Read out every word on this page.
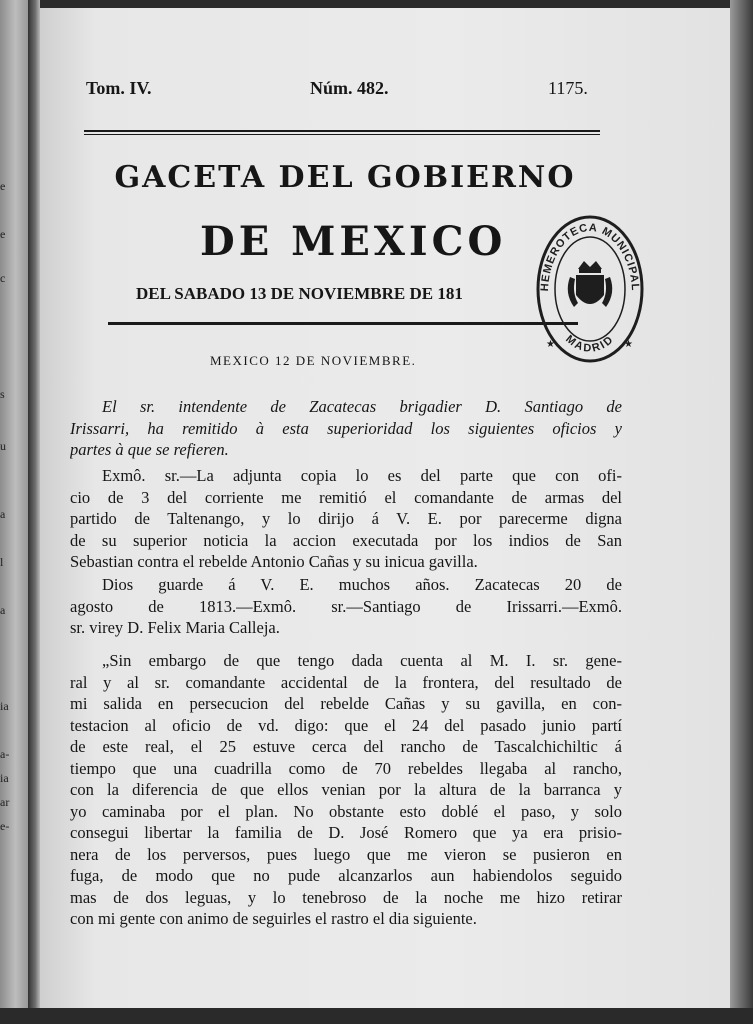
e
e
c
s
u
a
l
a
ia
a-
ia
ar
e-
Tom. IV.	Núm. 482.	1175.
GACETA DEL GOBIERNO
DE MEXICO
DEL SABADO 13 DE NOVIEMBRE DE 181	HEMEROTECA MUNICIPAL
MADRID
★	★
MEXICO 12 DE NOVIEMBRE.
El sr. intendente de Zacatecas brigadier D. Santiago de
Irissarri, ha remitido à esta superioridad los siguientes oficios y
partes à que se refieren.
Exmô. sr.—La adjunta copia lo es del parte que con ofi-
cio de 3 del corriente me remitió el comandante de armas del
partido de Taltenango, y lo dirijo á V. E. por parecerme digna
de su superior noticia la accion executada por los indios de San
Sebastian contra el rebelde Antonio Cañas y su inicua gavilla.
Dios guarde á V. E. muchos años. Zacatecas 20 de
agosto de 1813.—Exmô. sr.—Santiago de Irissarri.—Exmô.
sr. virey D. Felix Maria Calleja.
„Sin embargo de que tengo dada cuenta al M. I. sr. gene-
ral y al sr. comandante accidental de la frontera, del resultado de
mi salida en persecucion del rebelde Cañas y su gavilla, en con-
testacion al oficio de vd. digo: que el 24 del pasado junio partí
de este real, el 25 estuve cerca del rancho de Tascalchichiltic á
tiempo que una cuadrilla como de 70 rebeldes llegaba al rancho,
con la diferencia de que ellos venian por la altura de la barranca y
yo caminaba por el plan. No obstante esto doblé el paso, y solo
consegui libertar la familia de D. José Romero que ya era prisio-
nera de los perversos, pues luego que me vieron se pusieron en
fuga, de modo que no pude alcanzarlos aun habiendolos seguido
mas de dos leguas, y lo tenebroso de la noche me hizo retirar
con mi gente con animo de seguirles el rastro el dia siguiente.
